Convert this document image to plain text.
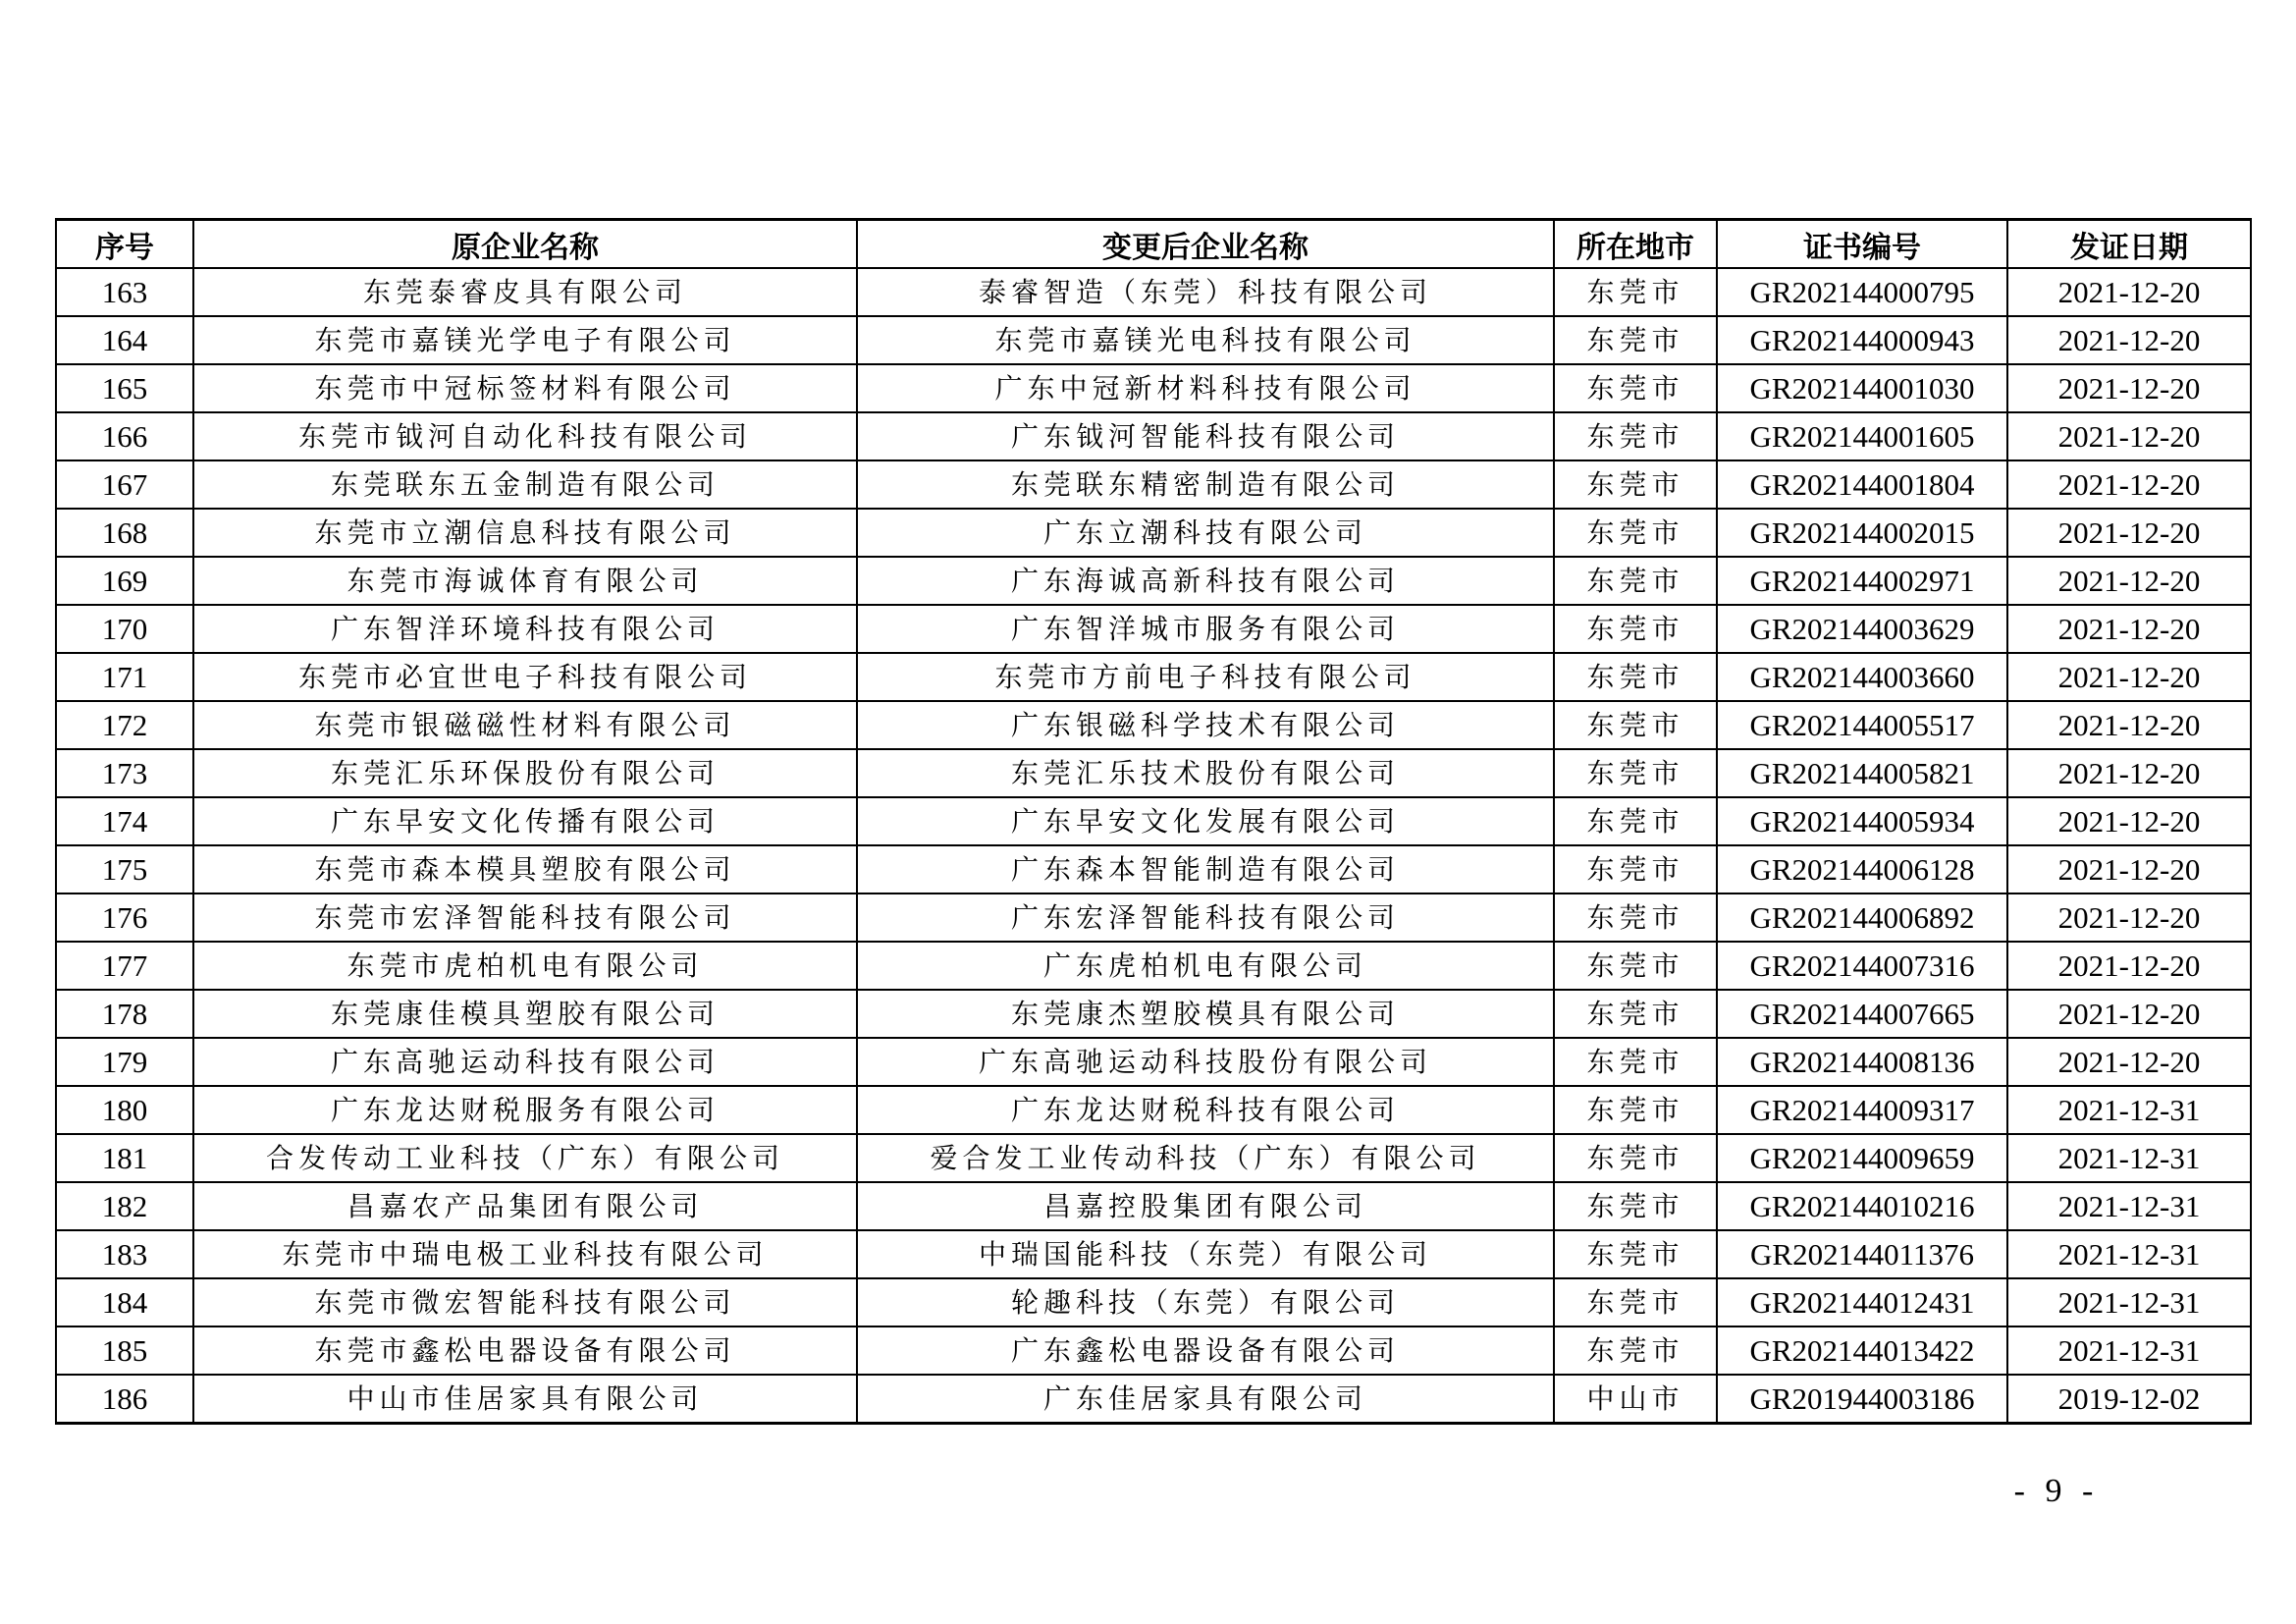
序号	原企业名称	变更后企业名称	所在地市	证书编号	发证日期
163	东莞泰睿皮具有限公司	泰睿智造（东莞）科技有限公司	东莞市	GR202144000795	2021-12-20
164	东莞市嘉镁光学电子有限公司	东莞市嘉镁光电科技有限公司	东莞市	GR202144000943	2021-12-20
165	东莞市中冠标签材料有限公司	广东中冠新材料科技有限公司	东莞市	GR202144001030	2021-12-20
166	东莞市钺河自动化科技有限公司	广东钺河智能科技有限公司	东莞市	GR202144001605	2021-12-20
167	东莞联东五金制造有限公司	东莞联东精密制造有限公司	东莞市	GR202144001804	2021-12-20
168	东莞市立潮信息科技有限公司	广东立潮科技有限公司	东莞市	GR202144002015	2021-12-20
169	东莞市海诚体育有限公司	广东海诚高新科技有限公司	东莞市	GR202144002971	2021-12-20
170	广东智洋环境科技有限公司	广东智洋城市服务有限公司	东莞市	GR202144003629	2021-12-20
171	东莞市必宜世电子科技有限公司	东莞市方前电子科技有限公司	东莞市	GR202144003660	2021-12-20
172	东莞市银磁磁性材料有限公司	广东银磁科学技术有限公司	东莞市	GR202144005517	2021-12-20
173	东莞汇乐环保股份有限公司	东莞汇乐技术股份有限公司	东莞市	GR202144005821	2021-12-20
174	广东早安文化传播有限公司	广东早安文化发展有限公司	东莞市	GR202144005934	2021-12-20
175	东莞市森本模具塑胶有限公司	广东森本智能制造有限公司	东莞市	GR202144006128	2021-12-20
176	东莞市宏泽智能科技有限公司	广东宏泽智能科技有限公司	东莞市	GR202144006892	2021-12-20
177	东莞市虎柏机电有限公司	广东虎柏机电有限公司	东莞市	GR202144007316	2021-12-20
178	东莞康佳模具塑胶有限公司	东莞康杰塑胶模具有限公司	东莞市	GR202144007665	2021-12-20
179	广东高驰运动科技有限公司	广东高驰运动科技股份有限公司	东莞市	GR202144008136	2021-12-20
180	广东龙达财税服务有限公司	广东龙达财税科技有限公司	东莞市	GR202144009317	2021-12-31
181	合发传动工业科技（广东）有限公司	爱合发工业传动科技（广东）有限公司	东莞市	GR202144009659	2021-12-31
182	昌嘉农产品集团有限公司	昌嘉控股集团有限公司	东莞市	GR202144010216	2021-12-31
183	东莞市中瑞电极工业科技有限公司	中瑞国能科技（东莞）有限公司	东莞市	GR202144011376	2021-12-31
184	东莞市微宏智能科技有限公司	轮趣科技（东莞）有限公司	东莞市	GR202144012431	2021-12-31
185	东莞市鑫松电器设备有限公司	广东鑫松电器设备有限公司	东莞市	GR202144013422	2021-12-31
186	中山市佳居家具有限公司	广东佳居家具有限公司	中山市	GR201944003186	2019-12-02
- 9 -
